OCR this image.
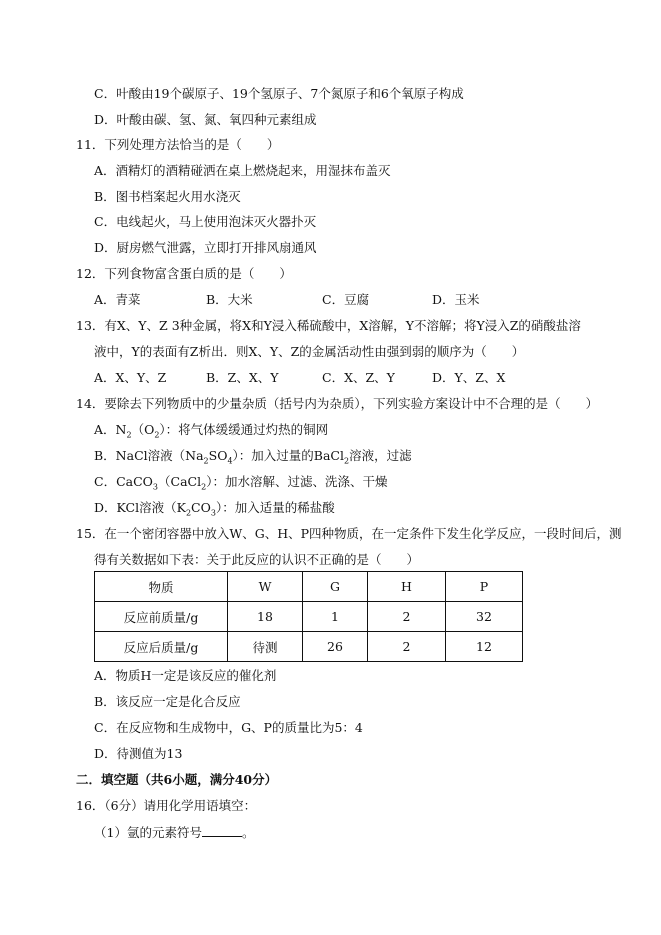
C．叶酸由19个碳原子、19个氢原子、7个氮原子和6个氧原子构成
D．叶酸由碳、氢、氮、氧四种元素组成
11．下列处理方法恰当的是（　　）
A．酒精灯的酒精碰洒在桌上燃烧起来，用湿抹布盖灭
B．图书档案起火用水浇灭
C．电线起火，马上使用泡沫灭火器扑灭
D．厨房燃气泄露，立即打开排风扇通风
12．下列食物富含蛋白质的是（　　）
A．青菜	B．大米	C．豆腐	D．玉米
13．有X、Y、Z 3种金属，将X和Y浸入稀硫酸中，X溶解，Y不溶解；将Y浸入Z的硝酸盐溶
液中，Y的表面有Z析出．则X、Y、Z的金属活动性由强到弱的顺序为（　　）
A．X、Y、Z	B．Z、X、Y	C．X、Z、Y	D．Y、Z、X
14．要除去下列物质中的少量杂质（括号内为杂质），下列实验方案设计中不合理的是（　　）
A．$N_2(O_2)$：将气体缓缓通过灼热的铜网
B．NaCl溶液$(Na_2SO_4)$：加入过量的BaCl$_2$溶液，过滤
C．CaCO$_3$（CaCl$_2$）：加水溶解、过滤、洗涤、干燥
D．KCl溶液$(K_2CO_3)$：加入适量的稀盐酸
15．在一个密闭容器中放入W、G、H、P四种物质，在一定条件下发生化学反应，一段时间后，测
得有关数据如下表：关于此反应的认识不正确的是（　　）
物质	W	G	H	P
反应前质量/g	18	1	2	32
反应后质量/g	待测	26	2	12
A．物质H一定是该反应的催化剂
B．该反应一定是化合反应
C．在反应物和生成物中，G、P的质量比为5：4
D．待测值为13
二．填空题（共6小题，满分40分）
16．（6分）请用化学用语填空：
（1）氩的元素符号	。
